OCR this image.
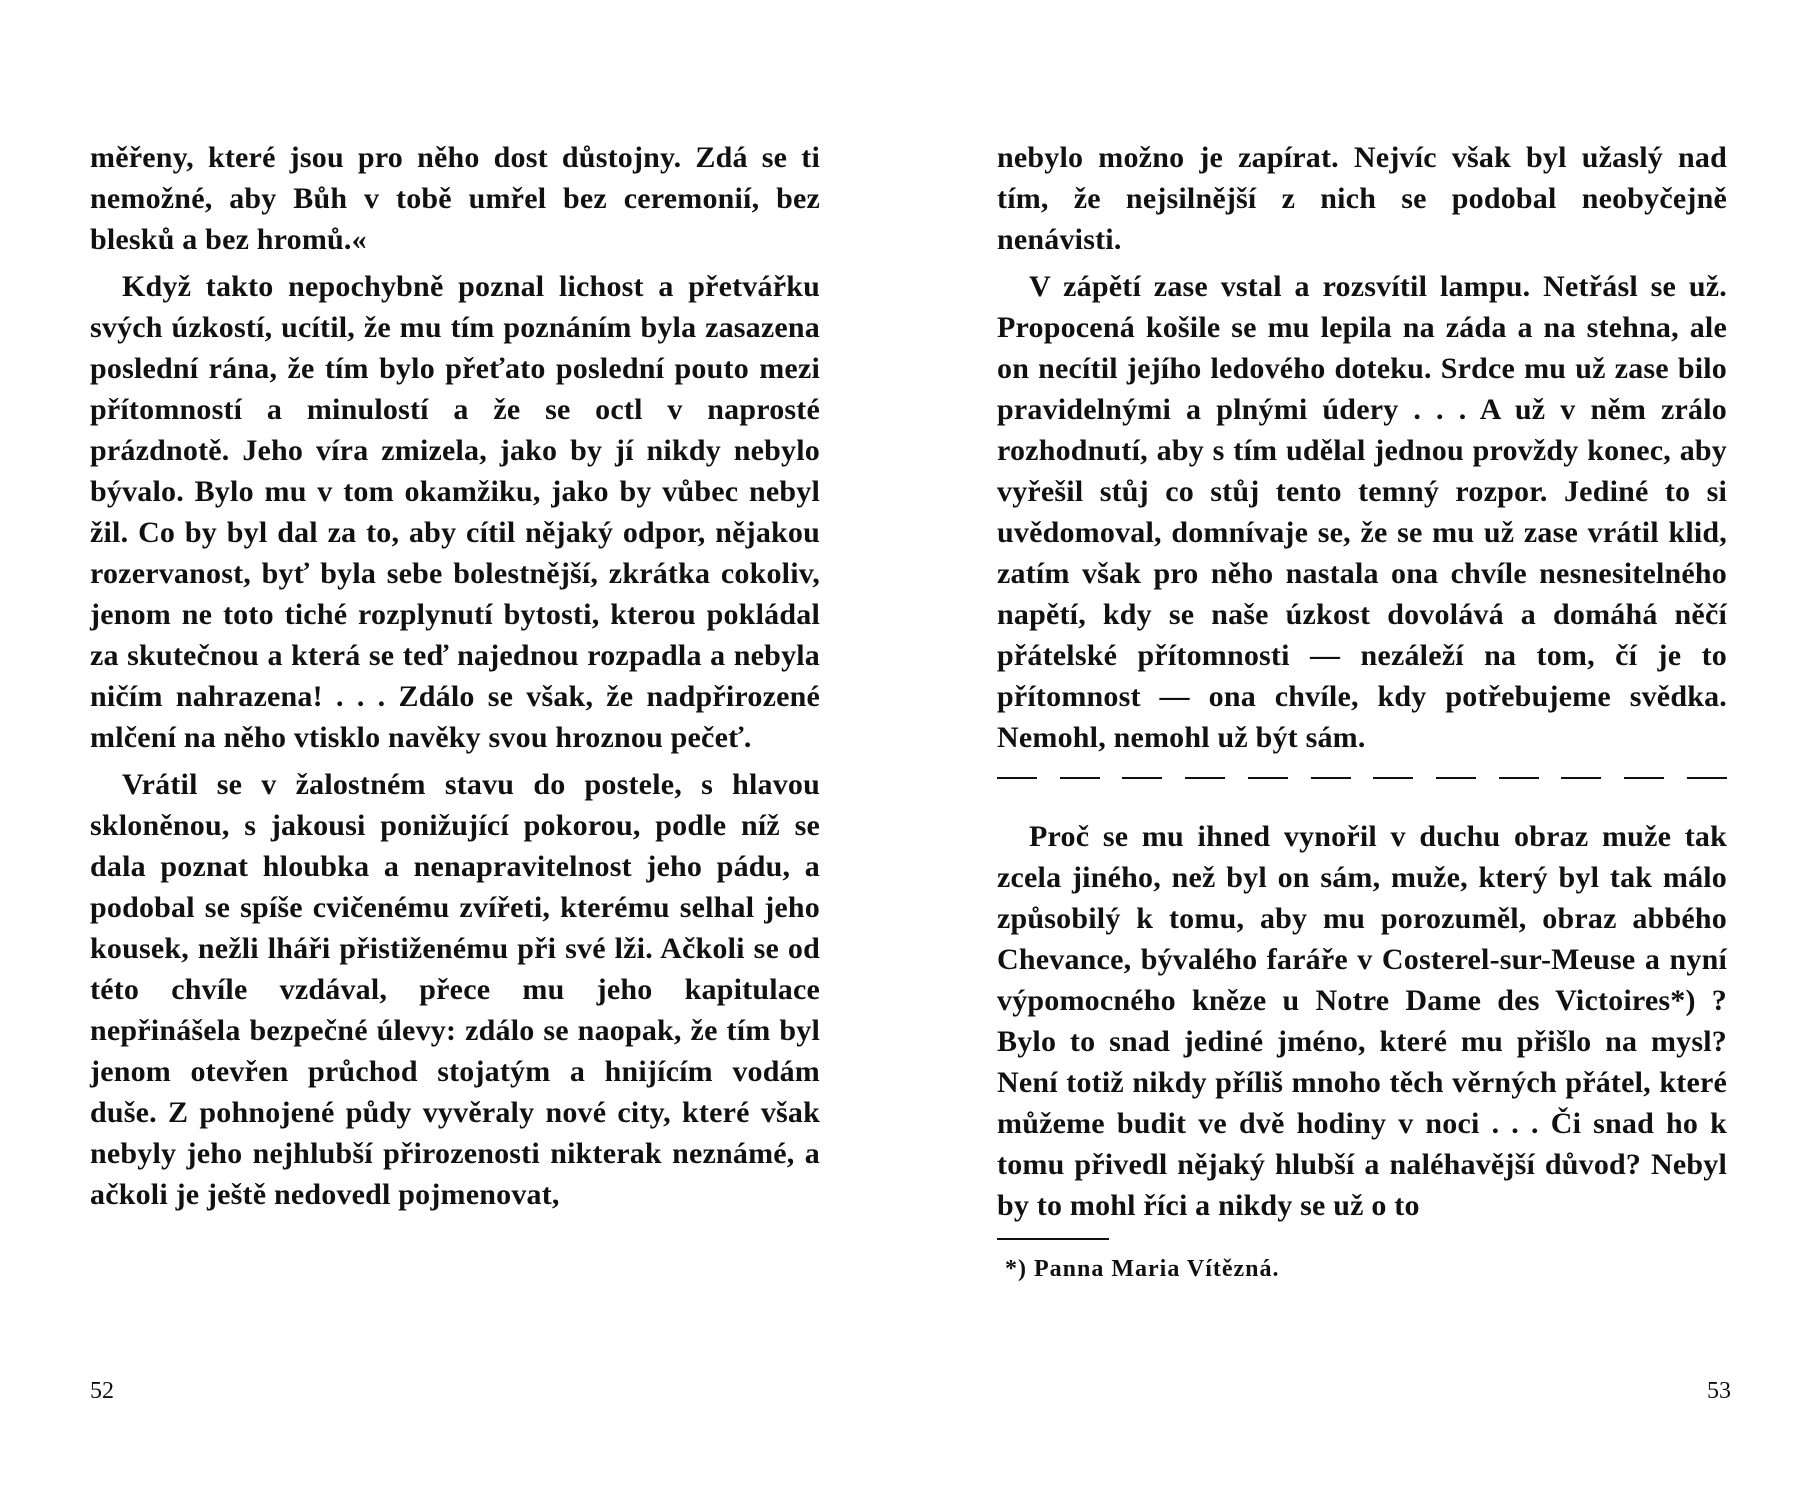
měřeny, které jsou pro něho dost důstojny. Zdá se ti nemožné, aby Bůh v tobě umřel bez ceremonií, bez blesků a bez hromů.«

Když takto nepochybně poznal lichost a přetvářku svých úzkostí, ucítil, že mu tím poznáním byla zasazena poslední rána, že tím bylo přeťato poslední pouto mezi přítomností a minulostí a že se octl v naprosté prázdnotě. Jeho víra zmizela, jako by jí nikdy nebylo bývalo. Bylo mu v tom okamžiku, jako by vůbec nebyl žil. Co by byl dal za to, aby cítil nějaký odpor, nějakou rozervanost, byť byla sebe bolestnější, zkrátka cokoliv, jenom ne toto tiché rozplynutí bytosti, kterou pokládal za skutečnou a která se teď najednou rozpadla a nebyla ničím nahrazena! . . . Zdálo se však, že nadpřirozené mlčení na něho vtisklo navěky svou hroznou pečeť.

Vrátil se v žalostném stavu do postele, s hlavou skloněnou, s jakousi ponižující pokorou, podle níž se dala poznat hloubka a nenapravitelnost jeho pádu, a podobal se spíše cvičenému zvířeti, kterému selhal jeho kousek, nežli lháři přistiženému při své lži. Ačkoli se od této chvíle vzdával, přece mu jeho kapitulace nepřinášela bezpečné úlevy: zdálo se naopak, že tím byl jenom otevřen průchod stojatým a hnijícím vodám duše. Z pohnojené půdy vyvěraly nové city, které však nebyly jeho nejhlubší přirozenosti nikterak neznámé, a ačkoli je ještě nedovedl pojmenovat,

nebylo možno je zapírat. Nejvíc však byl užaslý nad tím, že nejsilnější z nich se podobal neobyčejně nenávisti.

V zápětí zase vstal a rozsvítil lampu. Netřásl se už. Propocená košile se mu lepila na záda a na stehna, ale on necítil jejího ledového doteku. Srdce mu už zase bilo pravidelnými a plnými údery . . . A už v něm zrálo rozhodnutí, aby s tím udělal jednou provždy konec, aby vyřešil stůj co stůj tento temný rozpor. Jediné to si uvědomoval, domnívaje se, že se mu už zase vrátil klid, zatím však pro něho nastala ona chvíle nesnesitelného napětí, kdy se naše úzkost dovolává a domáhá něčí přátelské přítomnosti — nezáleží na tom, čí je to přítomnost — ona chvíle, kdy potřebujeme svědka. Nemohl, nemohl už být sám.

Proč se mu ihned vynořil v duchu obraz muže tak zcela jiného, než byl on sám, muže, který byl tak málo způsobilý k tomu, aby mu porozuměl, obraz abbého Chevance, bývalého faráře v Costerel-sur-Meuse a nyní výpomocného kněze u Notre Dame des Victoires*) ? Bylo to snad jediné jméno, které mu přišlo na mysl? Není totiž nikdy příliš mnoho těch věrných přátel, které můžeme budit ve dvě hodiny v noci . . . Či snad ho k tomu přivedl nějaký hlubší a naléhavější důvod? Nebyl by to mohl říci a nikdy se už o to

*) Panna Maria Vítězná.
52	53
